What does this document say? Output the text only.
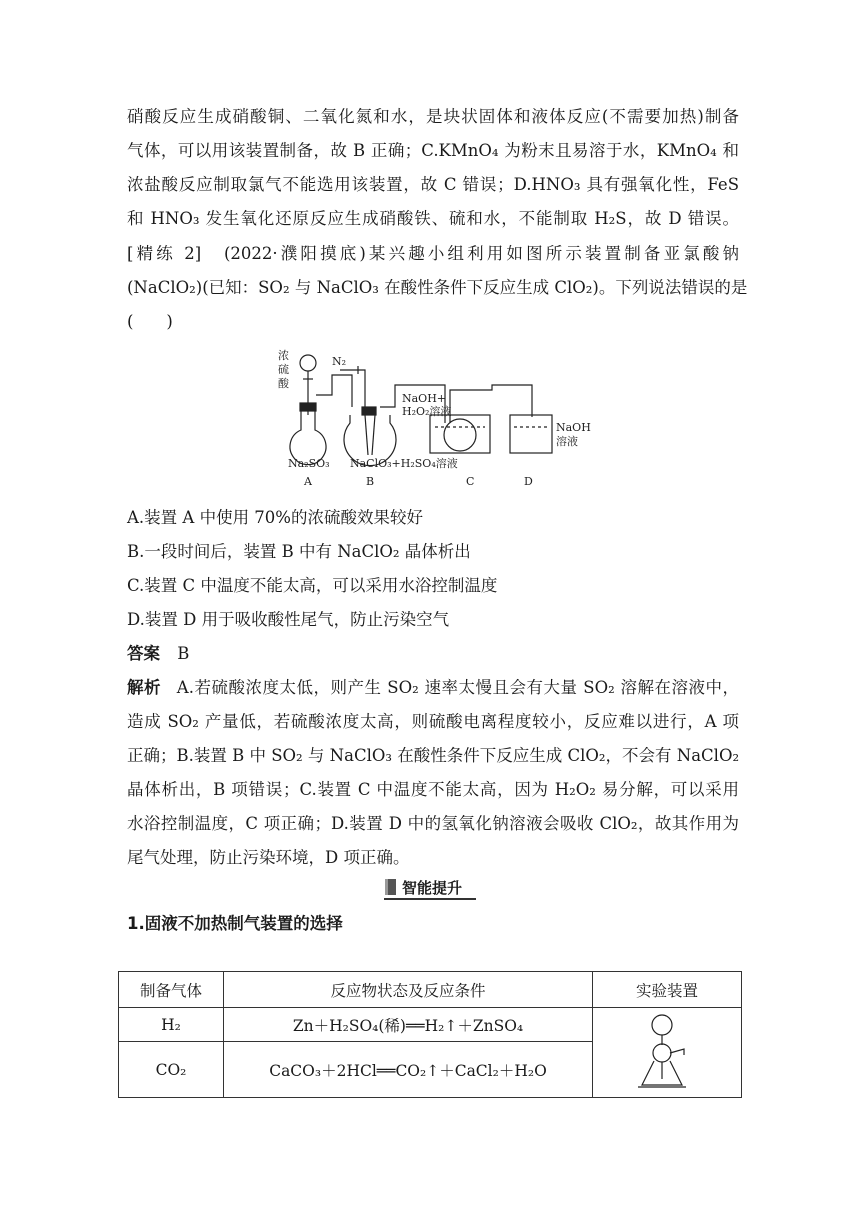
硝酸反应生成硝酸铜、二氧化氮和水，是块状固体和液体反应(不需要加热)制备
气体，可以用该装置制备，故 B 正确；C.KMnO₄ 为粉末且易溶于水，KMnO₄ 和
浓盐酸反应制取氯气不能选用该装置，故 C 错误；D.HNO₃ 具有强氧化性，FeS
和 HNO₃ 发生氧化还原反应生成硝酸铁、硫和水，不能制取 H₂S，故 D 错误。
[精练 2]　(2022·濮阳摸底)某兴趣小组利用如图所示装置制备亚氯酸钠
(NaClO₂)(已知：SO₂ 与 NaClO₃ 在酸性条件下反应生成 ClO₂)。下列说法错误的是
(　　)
浓
硫
酸
N₂
NaOH+
H₂O₂溶液
NaOH
溶液
Na₂SO₃ NaClO₃+H₂SO₄溶液
A	B	C	D
A.装置 A 中使用 70%的浓硫酸效果较好
B.一段时间后，装置 B 中有 NaClO₂ 晶体析出
C.装置 C 中温度不能太高，可以采用水浴控制温度
D.装置 D 用于吸收酸性尾气，防止污染空气
答案 B
解析 A.若硫酸浓度太低，则产生 SO₂ 速率太慢且会有大量 SO₂ 溶解在溶液中，
造成 SO₂ 产量低，若硫酸浓度太高，则硫酸电离程度较小，反应难以进行，A 项
正确；B.装置 B 中 SO₂ 与 NaClO₃ 在酸性条件下反应生成 ClO₂，不会有 NaClO₂
晶体析出，B 项错误；C.装置 C 中温度不能太高，因为 H₂O₂ 易分解，可以采用
水浴控制温度，C 项正确；D.装置 D 中的氢氧化钠溶液会吸收 ClO₂，故其作用为
尾气处理，防止污染环境，D 项正确。
智能提升
1.固液不加热制气装置的选择
制备气体	反应物状态及反应条件	实验装置
H₂	Zn＋H₂SO₄(稀)══H₂↑＋ZnSO₄	
CO₂	CaCO₃＋2HCl══CO₂↑＋CaCl₂＋H₂O	
